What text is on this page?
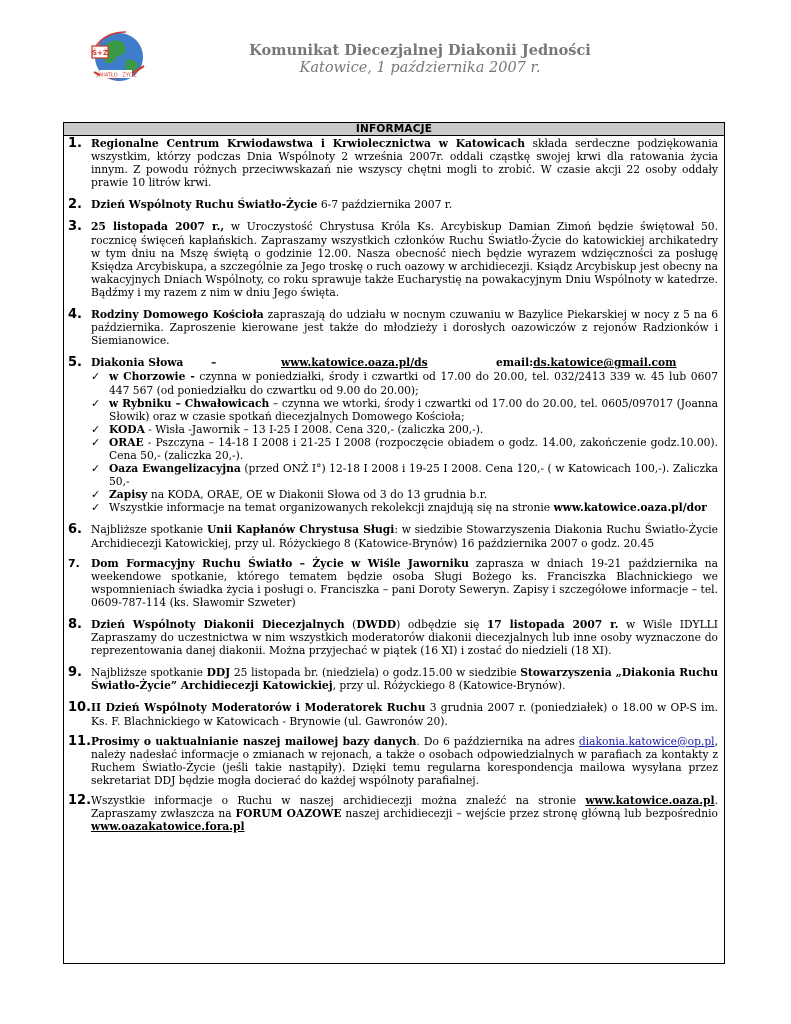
Ś+Ż
ŚWIATŁO · ŻYCIE
Komunikat Diecezjalnej Diakonii Jedności
Katowice, 1 października 2007 r.
INFORMACJE
1. Regionalne Centrum Krwiodawstwa i Krwiolecznictwa w Katowicach składa serdeczne podziękowania wszystkim, którzy podczas Dnia Wspólnoty 2 września 2007r. oddali cząstkę swojej krwi dla ratowania życia innym. Z powodu różnych przeciwwskazań nie wszyscy chętni mogli to zrobić. W czasie akcji 22 osoby oddały prawie 10 litrów krwi.

2. Dzień Wspólnoty Ruchu Światło-Życie 6-7 października 2007 r.

3. 25 listopada 2007 r., w Uroczystość Chrystusa Króla Ks. Arcybiskup Damian Zimoń będzie świętował 50. rocznicę święceń kapłańskich. Zapraszamy wszystkich członków Ruchu Światło-Życie do katowickiej archikatedry w tym dniu na Mszę świętą o godzinie 12.00. Nasza obecność niech będzie wyrazem wdzięczności za posługę Księdza Arcybiskupa, a szczególnie za Jego troskę o ruch oazowy w archidiecezji. Ksiądz Arcybiskup jest obecny na wakacyjnych Dniach Wspólnoty, co roku sprawuje także Eucharystię na powakacyjnym Dniu Wspólnoty w katedrze. Bądźmy i my razem z nim w dniu Jego święta.

4. Rodziny Domowego Kościoła zapraszają do udziału w nocnym czuwaniu w Bazylice Piekarskiej w nocy z 5 na 6 października. Zaproszenie kierowane jest także do młodzieży i dorosłych oazowiczów z rejonów Radzionków i Siemianowice.

5. Diakonia Słowa	–	www.katowice.oaza.pl/ds	email: ds.katowice@gmail.com
✓ w Chorzowie - czynna w poniedziałki, środy i czwartki od 17.00 do 20.00, tel. 032/2413 339 w. 45 lub 0607 447 567 (od poniedziałku do czwartku od 9.00 do 20.00);
✓ w Rybniku – Chwałowicach – czynna we wtorki, środy i czwartki od 17.00 do 20.00, tel. 0605/097017 (Joanna Słowik) oraz w czasie spotkań diecezjalnych Domowego Kościoła;
✓ KODA - Wisła -Jawornik – 13 I-25 I 2008. Cena 320,- (zaliczka 200,-).
✓ ORAE - Pszczyna – 14-18 I 2008 i 21-25 I 2008 (rozpoczęcie obiadem o godz. 14.00, zakończenie godz.10.00). Cena 50,- (zaliczka 20,-).
✓ Oaza Ewangelizacyjna (przed ONŻ I°) 12-18 I 2008 i 19-25 I 2008. Cena 120,- ( w Katowicach 100,-). Zaliczka 50,-
✓ Zapisy na KODA, ORAE, OE w Diakonii Słowa od 3 do 13 grudnia b.r.
✓ Wszystkie informacje na temat organizowanych rekolekcji znajdują się na stronie www.katowice.oaza.pl/dor
6. Najbliższe spotkanie Unii Kapłanów Chrystusa Sługi: w siedzibie Stowarzyszenia Diakonia Ruchu Światło-Życie Archidiecezji Katowickiej, przy ul. Różyckiego 8 (Katowice-Brynów) 16 października 2007 o godz. 20.45

7. Dom Formacyjny Ruchu Światło – Życie w Wiśle Jaworniku zaprasza w dniach 19-21 października na weekendowe spotkanie, którego tematem będzie osoba Sługi Bożego ks. Franciszka Blachnickiego we wspomnieniach świadka życia i posługi o. Franciszka – pani Doroty Seweryn. Zapisy i szczegółowe informacje – tel. 0609-787-114 (ks. Sławomir Szweter)

8. Dzień Wspólnoty Diakonii Diecezjalnych (DWDD) odbędzie się 17 listopada 2007 r. w Wiśle IDYLLI Zapraszamy do uczestnictwa w nim wszystkich moderatorów diakonii diecezjalnych lub inne osoby wyznaczone do reprezentowania danej diakonii. Można przyjechać w piątek (16 XI) i zostać do niedzieli (18 XI).

9. Najbliższe spotkanie DDJ 25 listopada br. (niedziela) o godz.15.00 w siedzibie Stowarzyszenia „Diakonia Ruchu Światło-Życie” Archidiecezji Katowickiej, przy ul. Różyckiego 8 (Katowice-Brynów).

10. II Dzień Wspólnoty Moderatorów i Moderatorek Ruchu 3 grudnia 2007 r. (poniedziałek) o 18.00 w OP-S im. Ks. F. Blachnickiego w Katowicach - Brynowie (ul. Gawronów 20).

11. Prosimy o uaktualnianie naszej mailowej bazy danych. Do 6 października na adres diakonia.katowice@op.pl, należy nadesłać informacje o zmianach w rejonach, a także o osobach odpowiedzialnych w parafiach za kontakty z Ruchem Światło-Życie (jeśli takie nastąpiły). Dzięki temu regularna korespondencja mailowa wysyłana przez sekretariat DDJ będzie mogła docierać do każdej wspólnoty parafialnej.

12. Wszystkie informacje o Ruchu w naszej archidiecezji można znaleźć na stronie www.katowice.oaza.pl. Zapraszamy zwłaszcza na FORUM OAZOWE naszej archidiecezji – wejście przez stronę główną lub bezpośrednio www.oazakatowice.fora.pl
